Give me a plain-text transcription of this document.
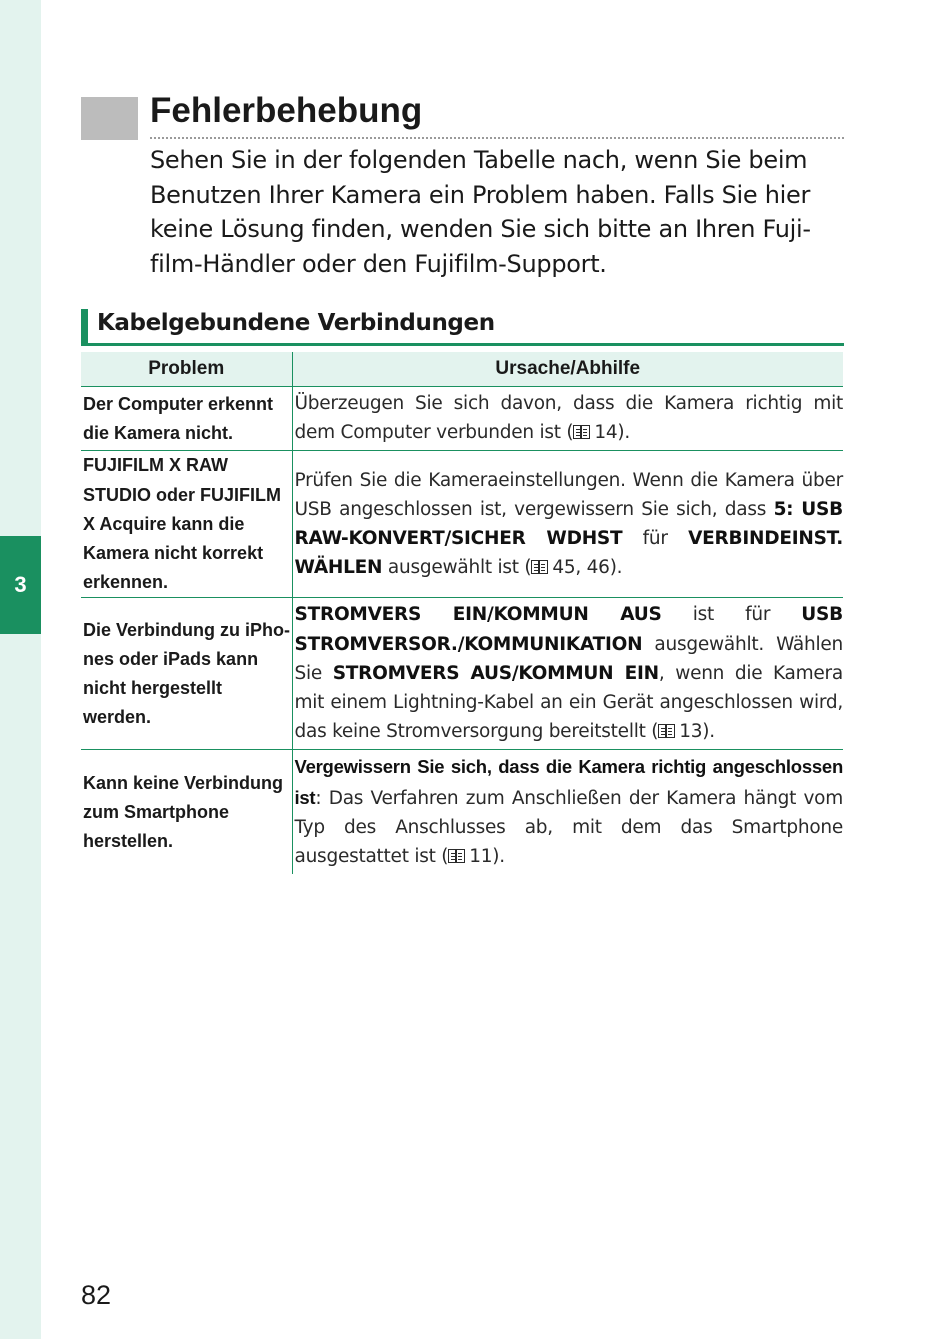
3
Fehlerbehebung

Sehen Sie in der folgenden Tabelle nach, wenn Sie beim Benutzen Ihrer Kamera ein Problem haben. Falls Sie hier keine Lösung finden, wenden Sie sich bitte an Ihren Fuji-film-Händler oder den Fujifilm-Support.

Kabelgebundene Verbindungen
Problem	Ursache/Abhilfe
Der Computer erkennt die Kamera nicht.	Überzeugen Sie sich davon, dass die Kamera richtig mit dem Computer verbunden ist ( 14).
FUJIFILM X RAW STUDIO oder FUJIFILM X Acquire kann die Kamera nicht korrekt erkennen.	Prüfen Sie die Kameraeinstellungen. Wenn die Kamera über USB angeschlossen ist, vergewissern Sie sich, dass 5: USB RAW-KONVERT/SICHER WDHST für VERBINDEINST. WÄHLEN ausgewählt ist ( 45, 46).
Die Verbindung zu iPho-nes oder iPads kann nicht hergestellt werden.	STROMVERS EIN/KOMMUN AUS ist für USB STROMVERSOR./KOMMUNIKATION ausgewählt. Wählen Sie STROMVERS AUS/KOMMUN EIN, wenn die Kamera mit einem Lightning-Kabel an ein Gerät angeschlossen wird, das keine Stromversorgung bereitstellt ( 13).
Kann keine Verbindung zum Smartphone herstellen.	Vergewissern Sie sich, dass die Kamera richtig angeschlossen ist: Das Verfahren zum Anschließen der Kamera hängt vom Typ des Anschlusses ab, mit dem das Smartphone ausgestattet ist ( 11).
82
